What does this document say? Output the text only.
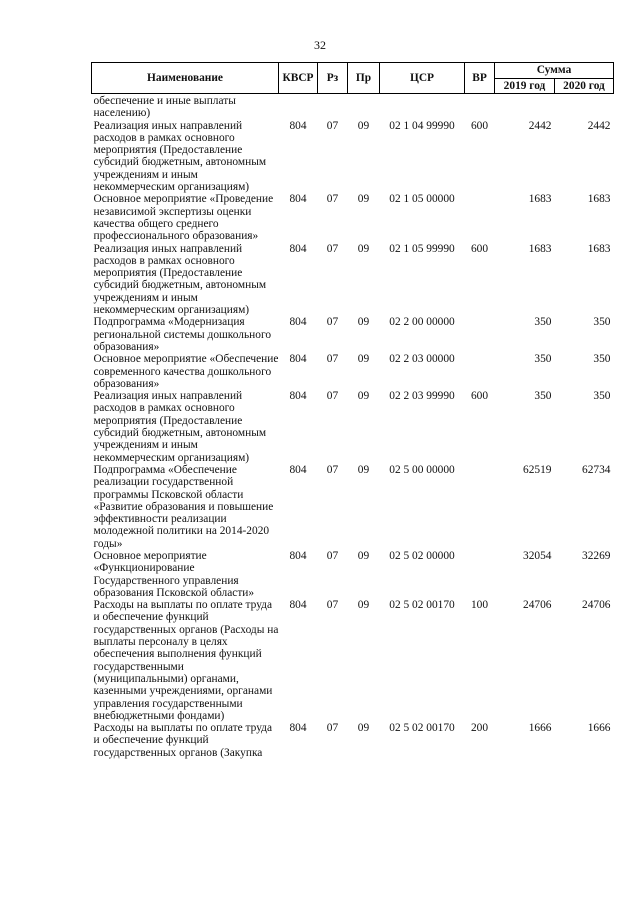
32
Наименование	КВСР	Рз	Пр	ЦСР	ВР	Сумма	
						2019 год	2020 год
обеспечение и иные выплаты населению)							
Реализация иных направлений расходов в рамках основного мероприятия (Предоставление субсидий бюджетным, автономным учреждениям и иным некоммерческим организациям)	804	07	09	02 1 04 99990	600	2442	2442
Основное мероприятие «Проведение независимой экспертизы оценки качества общего среднего профессионального образования»	804	07	09	02 1 05 00000		1683	1683
Реализация иных направлений расходов в рамках основного мероприятия (Предоставление субсидий бюджетным, автономным учреждениям и иным некоммерческим организациям)	804	07	09	02 1 05 99990	600	1683	1683
Подпрограмма «Модернизация региональной системы дошкольного образования»	804	07	09	02 2 00 00000		350	350
Основное мероприятие «Обеспечение современного качества дошкольного образования»	804	07	09	02 2 03 00000		350	350
Реализация иных направлений расходов в рамках основного мероприятия (Предоставление субсидий бюджетным, автономным учреждениям и иным некоммерческим организациям)	804	07	09	02 2 03 99990	600	350	350
Подпрограмма «Обеспечение реализации государственной программы Псковской области «Развитие образования и повышение эффективности реализации молодежной политики на 2014-2020 годы»	804	07	09	02 5 00 00000		62519	62734
Основное мероприятие «Функционирование Государственного управления образования Псковской области»	804	07	09	02 5 02 00000		32054	32269
Расходы на выплаты по оплате труда и обеспечение функций государственных органов (Расходы на выплаты персоналу в целях обеспечения выполнения функций государственными (муниципальными) органами, казенными учреждениями, органами управления государственными внебюджетными фондами)	804	07	09	02 5 02 00170	100	24706	24706
Расходы на выплаты по оплате труда и обеспечение функций государственных органов (Закупка	804	07	09	02 5 02 00170	200	1666	1666
